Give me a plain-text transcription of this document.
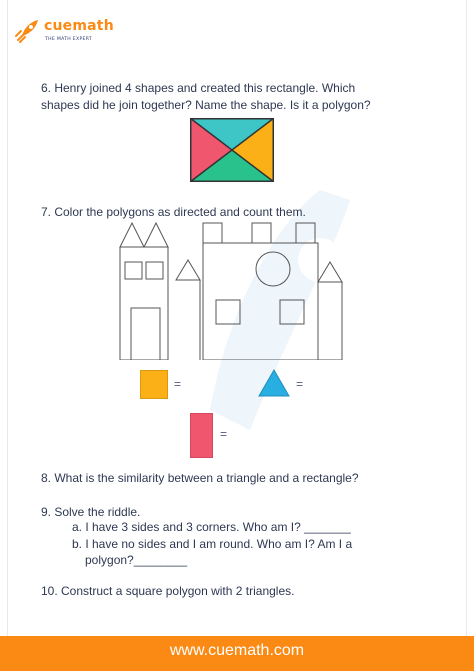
cuemath
THE MATH EXPERT
6. Henry joined 4 shapes and created this rectangle. Which
shapes did he join together? Name the shape. Is it a polygon?
7. Color the polygons as directed and count them.
=	=
=
8. What is the similarity between a triangle and a rectangle?
9. Solve the riddle.
a. I have 3 sides and 3 corners. Who am I? _______
b. I have no sides and I am round. Who am I? Am I a
polygon?________
10. Construct a square polygon with 2 triangles.
www.cuemath.com
